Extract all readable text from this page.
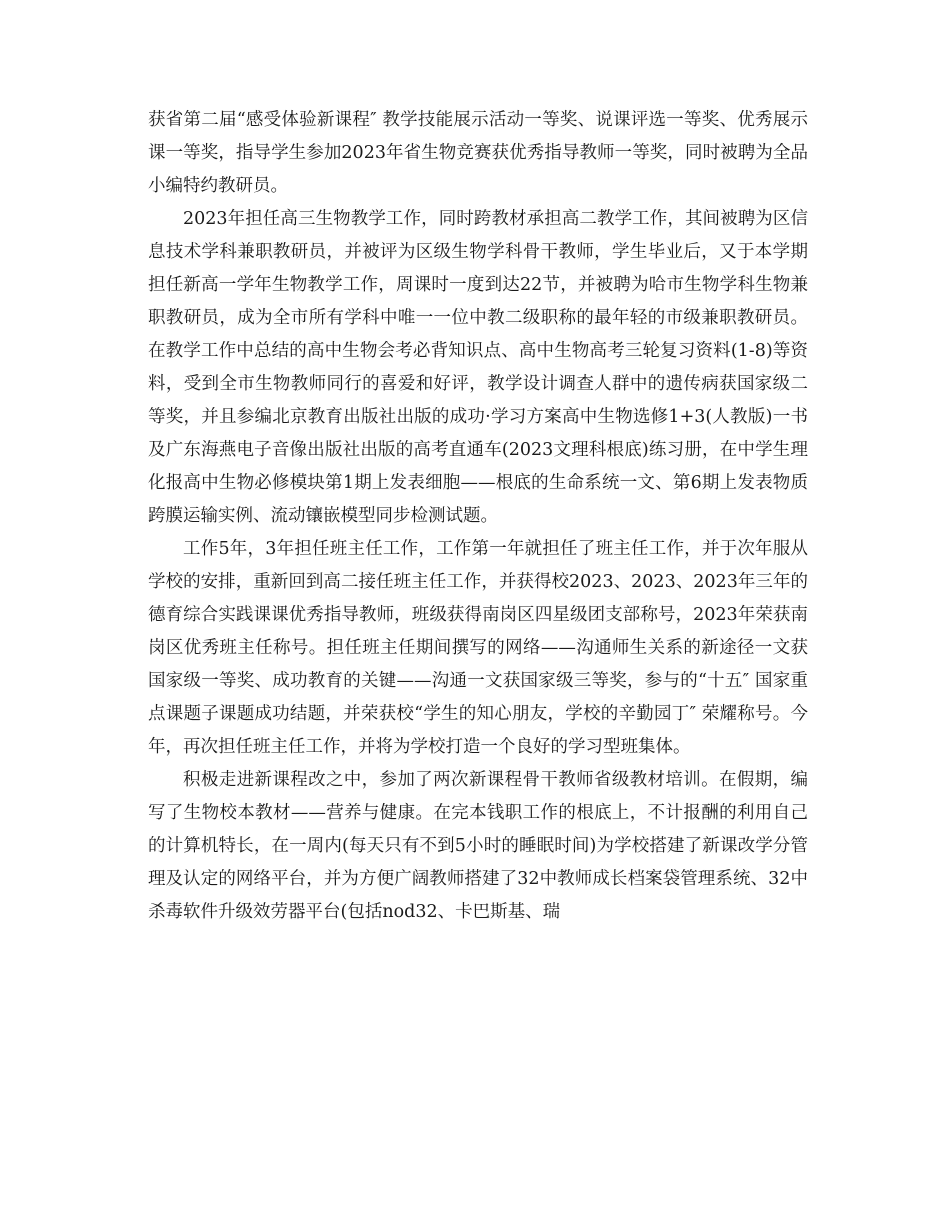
获省第二届“感受体验新课程″ 教学技能展示活动一等奖、说课评选一等奖、优秀展示课一等奖，指导学生参加2023年省生物竞赛获优秀指导教师一等奖，同时被聘为全品小编特约教研员。

2023年担任高三生物教学工作，同时跨教材承担高二教学工作，其间被聘为区信息技术学科兼职教研员，并被评为区级生物学科骨干教师，学生毕业后，又于本学期担任新高一学年生物教学工作，周课时一度到达22节，并被聘为哈市生物学科生物兼职教研员，成为全市所有学科中唯一一位中教二级职称的最年轻的市级兼职教研员。在教学工作中总结的高中生物会考必背知识点、高中生物高考三轮复习资料(1-8)等资料，受到全市生物教师同行的喜爱和好评，教学设计调查人群中的遗传病获国家级二等奖，并且参编北京教育出版社出版的成功·学习方案高中生物选修1+3(人教版)一书及广东海燕电子音像出版社出版的高考直通车(2023文理科根底)练习册，在中学生理化报高中生物必修模块第1期上发表细胞——根底的生命系统一文、第6期上发表物质跨膜运输实例、流动镶嵌模型同步检测试题。

工作5年，3年担任班主任工作，工作第一年就担任了班主任工作，并于次年服从学校的安排，重新回到高二接任班主任工作，并获得校2023、2023、2023年三年的德育综合实践课课优秀指导教师，班级获得南岗区四星级团支部称号，2023年荣获南岗区优秀班主任称号。担任班主任期间撰写的网络——沟通师生关系的新途径一文获国家级一等奖、成功教育的关键——沟通一文获国家级三等奖，参与的“十五″ 国家重点课题子课题成功结题，并荣获校“学生的知心朋友，学校的辛勤园丁″ 荣耀称号。今年，再次担任班主任工作，并将为学校打造一个良好的学习型班集体。

积极走进新课程改之中，参加了两次新课程骨干教师省级教材培训。在假期，编写了生物校本教材——营养与健康。在完本钱职工作的根底上，不计报酬的利用自己的计算机特长，在一周内(每天只有不到5小时的睡眠时间)为学校搭建了新课改学分管理及认定的网络平台，并为方便广阔教师搭建了32中教师成长档案袋管理系统、32中杀毒软件升级效劳器平台(包括nod32、卡巴斯基、瑞
